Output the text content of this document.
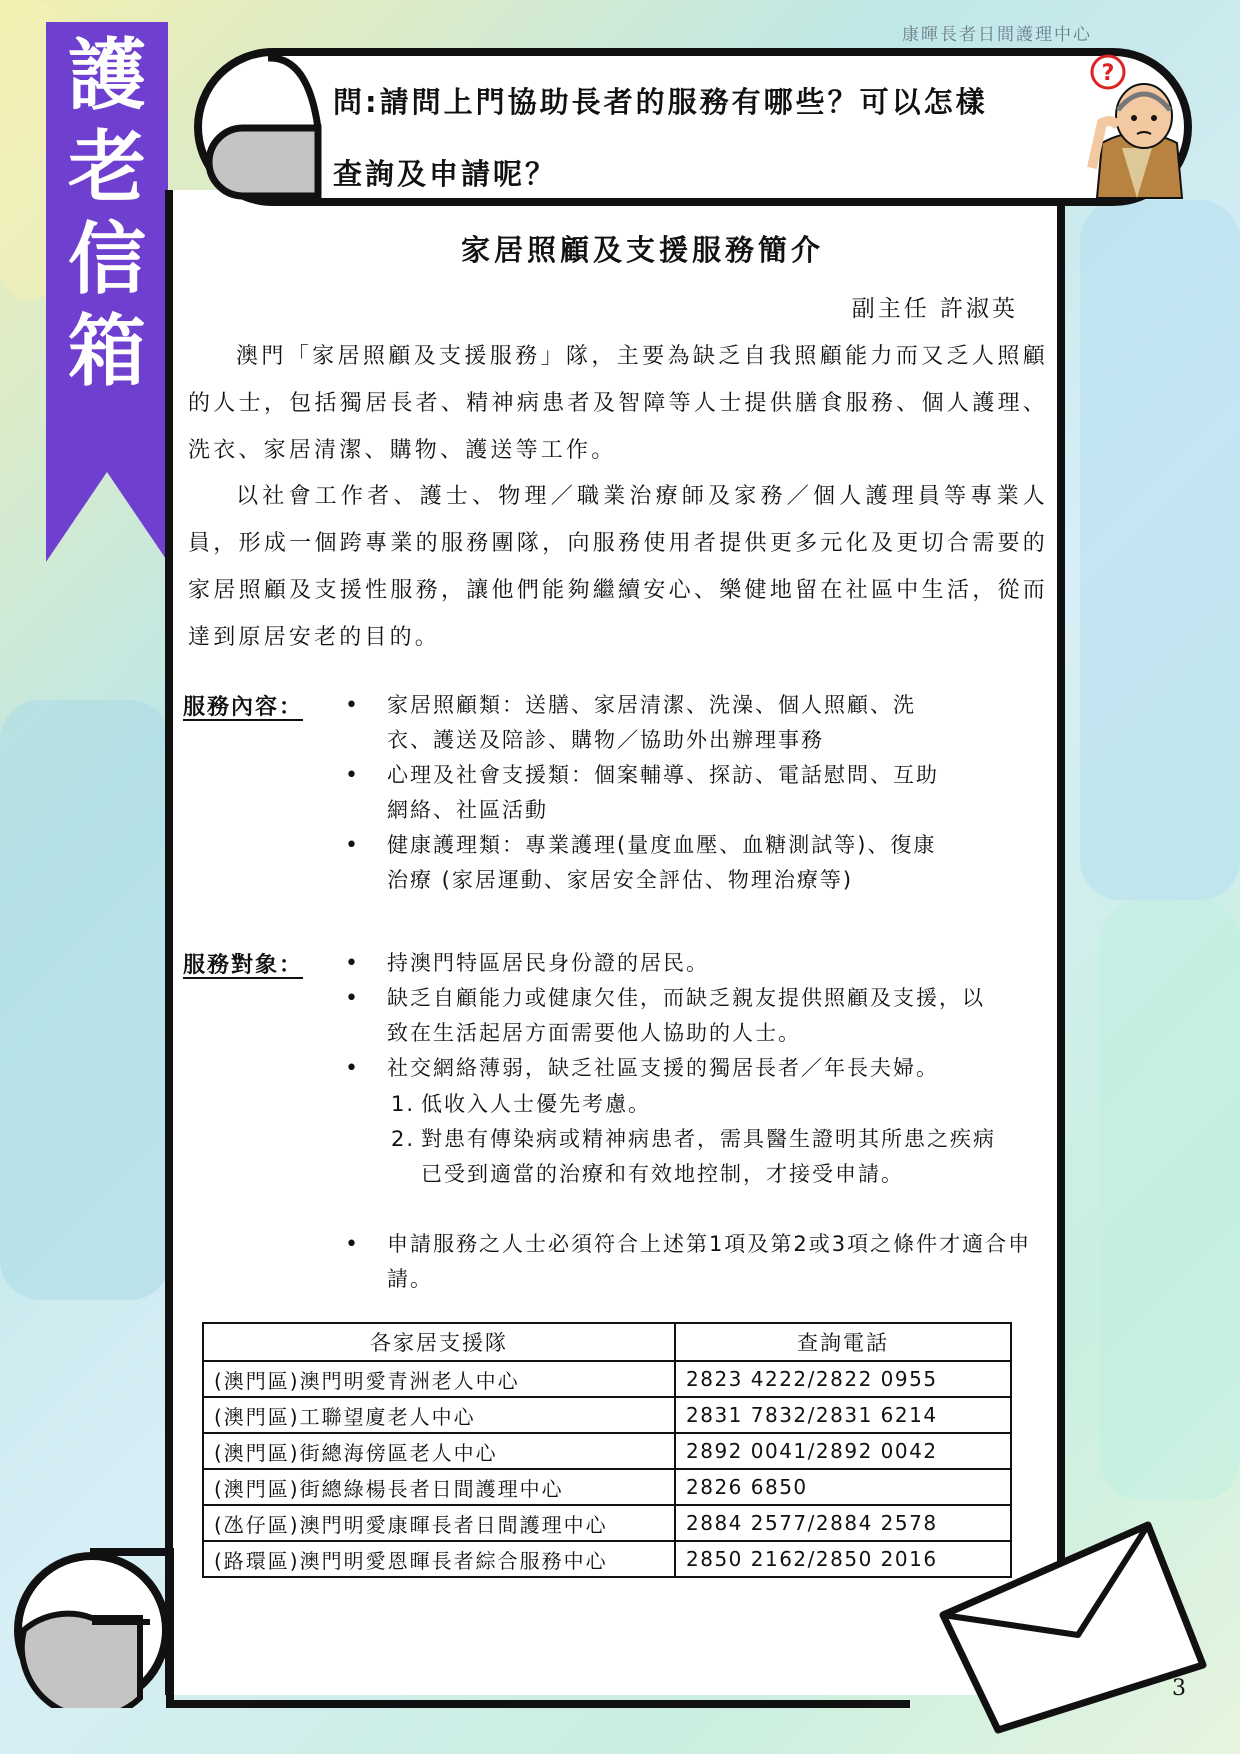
康暉長者日間護理中心
護
老
信
箱
問:請問上門協助長者的服務有哪些？可以怎樣
查詢及申請呢？
?
家居照顧及支援服務簡介
副主任 許淑英
澳門「家居照顧及支援服務」隊，主要為缺乏自我照顧能力而又乏人照顧的人士，包括獨居長者、精神病患者及智障等人士提供膳食服務、個人護理、洗衣、家居清潔、購物、護送等工作。
以社會工作者、護士、物理／職業治療師及家務／個人護理員等專業人員，形成一個跨專業的服務團隊，向服務使用者提供更多元化及更切合需要的家居照顧及支援性服務，讓他們能夠繼續安心、樂健地留在社區中生活，從而達到原居安老的目的。
服務內容：	• 家居照顧類：送膳、家居清潔、洗澡、個人照顧、洗衣、護送及陪診、購物／協助外出辦理事務
• 心理及社會支援類：個案輔導、探訪、電話慰問、互助網絡、社區活動
• 健康護理類：專業護理(量度血壓、血糖測試等)、復康治療 (家居運動、家居安全評估、物理治療等)
服務對象：	• 持澳門特區居民身份證的居民。
• 缺乏自顧能力或健康欠佳，而缺乏親友提供照顧及支援，以致在生活起居方面需要他人協助的人士。
• 社交網絡薄弱，缺乏社區支援的獨居長者／年長夫婦。
1. 低收入人士優先考慮。
2. 對患有傳染病或精神病患者，需具醫生證明其所患之疾病已受到適當的治療和有效地控制，才接受申請。
• 申請服務之人士必須符合上述第1項及第2或3項之條件才適合申請。
各家居支援隊	查詢電話
(澳門區)澳門明愛青洲老人中心	2823 4222/2822 0955
(澳門區)工聯望廈老人中心	2831 7832/2831 6214
(澳門區)街總海傍區老人中心	2892 0041/2892 0042
(澳門區)街總綠楊長者日間護理中心	2826 6850
(氹仔區)澳門明愛康暉長者日間護理中心	2884 2577/2884 2578
(路環區)澳門明愛恩暉長者綜合服務中心	2850 2162/2850 2016
3
